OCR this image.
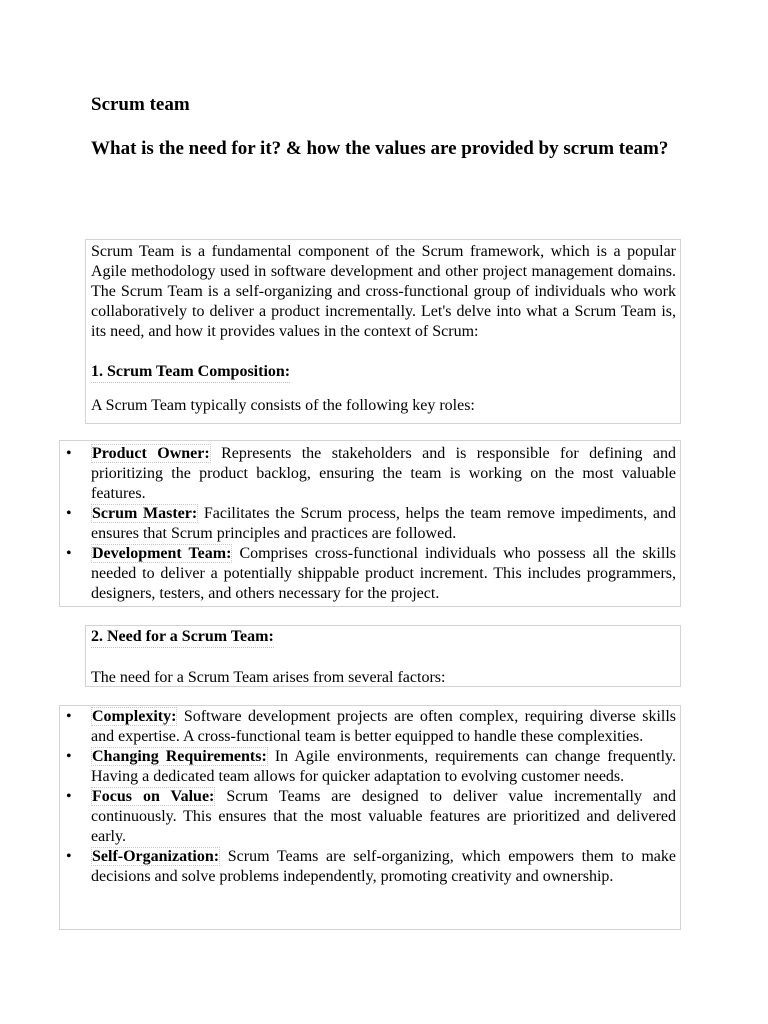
Scrum team
What is the need for it? & how the values are provided by scrum team?

Scrum Team is a fundamental component of the Scrum framework, which is a popular Agile methodology used in software development and other project management domains. The Scrum Team is a self-organizing and cross-functional group of individuals who work collaboratively to deliver a product incrementally. Let's delve into what a Scrum Team is, its need, and how it provides values in the context of Scrum:

1. Scrum Team Composition:

A Scrum Team typically consists of the following key roles:

• Product Owner: Represents the stakeholders and is responsible for defining and prioritizing the product backlog, ensuring the team is working on the most valuable features.
• Scrum Master: Facilitates the Scrum process, helps the team remove impediments, and ensures that Scrum principles and practices are followed.
• Development Team: Comprises cross-functional individuals who possess all the skills needed to deliver a potentially shippable product increment. This includes programmers, designers, testers, and others necessary for the project.

2. Need for a Scrum Team:

The need for a Scrum Team arises from several factors:

• Complexity: Software development projects are often complex, requiring diverse skills and expertise. A cross-functional team is better equipped to handle these complexities.
• Changing Requirements: In Agile environments, requirements can change frequently. Having a dedicated team allows for quicker adaptation to evolving customer needs.
• Focus on Value: Scrum Teams are designed to deliver value incrementally and continuously. This ensures that the most valuable features are prioritized and delivered early.
• Self-Organization: Scrum Teams are self-organizing, which empowers them to make decisions and solve problems independently, promoting creativity and ownership.
